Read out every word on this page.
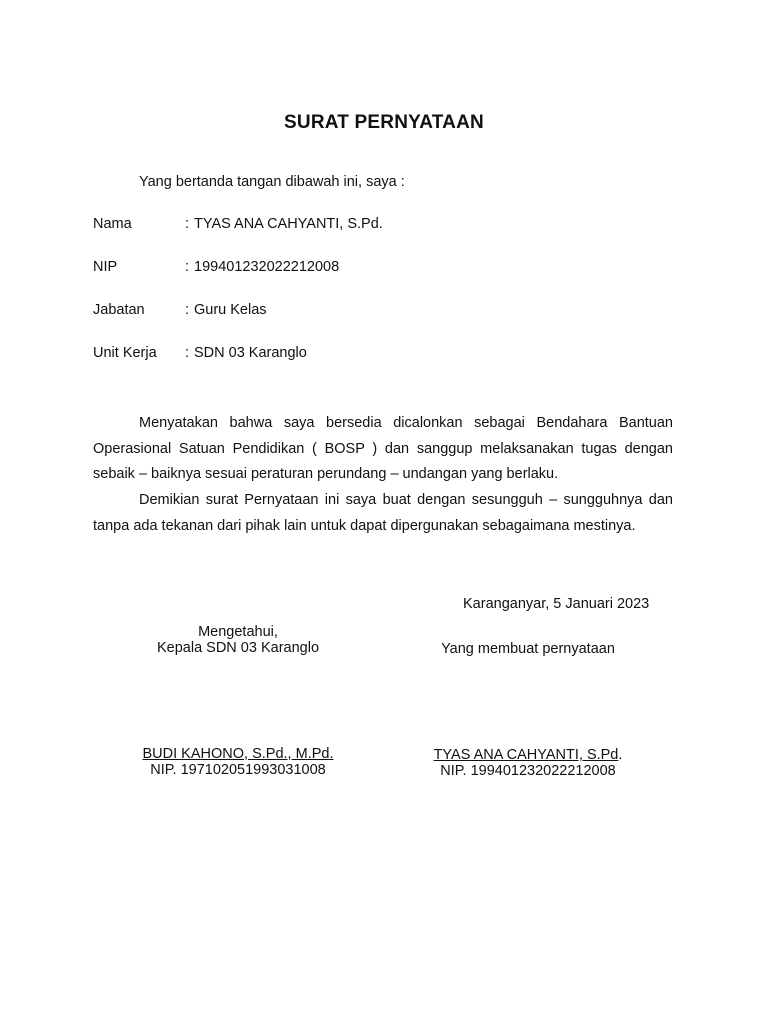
SURAT PERNYATAAN
Yang bertanda tangan dibawah ini, saya :
Nama	: TYAS ANA CAHYANTI, S.Pd.
NIP	: 199401232022212008
Jabatan	: Guru Kelas
Unit Kerja : SDN 03 Karanglo

Menyatakan bahwa saya bersedia dicalonkan sebagai Bendahara Bantuan Operasional Satuan Pendidikan ( BOSP ) dan sanggup melaksanakan tugas dengan sebaik – baiknya sesuai peraturan perundang – undangan yang berlaku.

Demikian surat Pernyataan ini saya buat dengan sesungguh – sungguhnya dan tanpa ada tekanan dari pihak lain untuk dapat dipergunakan sebagaimana mestinya.

Karanganyar, 5 Januari 2023
Mengetahui,
Kepala SDN 03 Karanglo
BUDI KAHONO, S.Pd., M.Pd.
NIP. 197102051993031008
Yang membuat pernyataan
TYAS ANA CAHYANTI, S.Pd.
NIP. 199401232022212008
